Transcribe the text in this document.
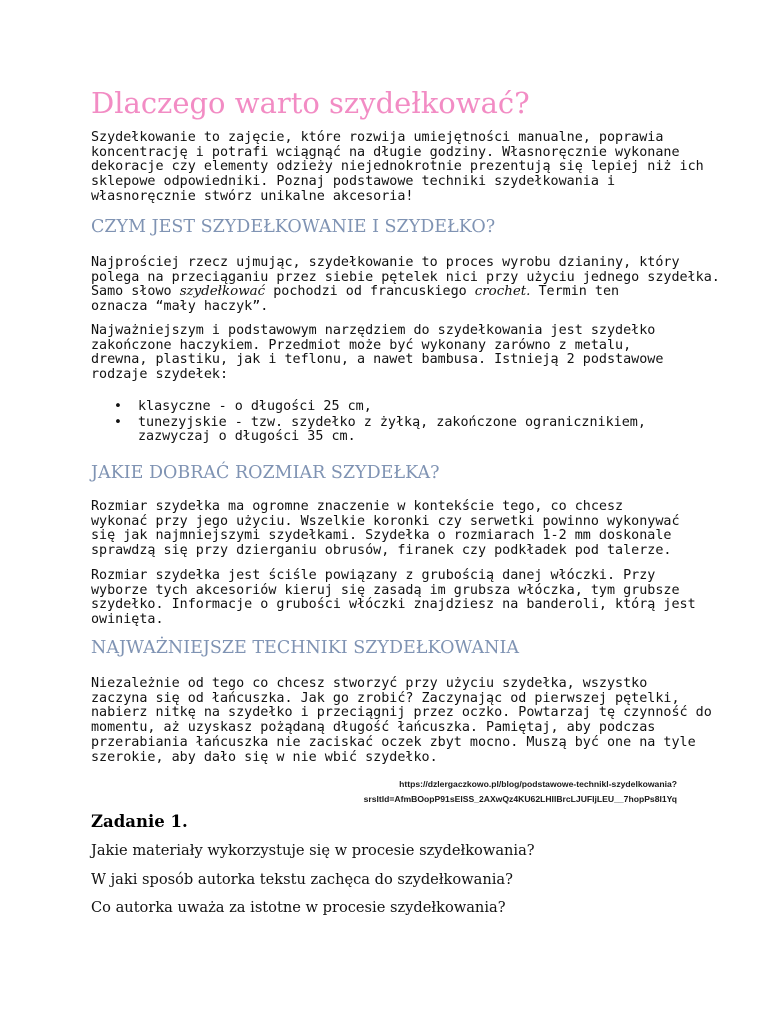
Dlaczego warto szydełkować?

Szydełkowanie to zajęcie, które rozwija umiejętności manualne, poprawia
koncentrację i potrafi wciągnąć na długie godziny. Własnoręcznie wykonane
dekoracje czy elementy odzieży niejednokrotnie prezentują się lepiej niż ich
sklepowe odpowiedniki. Poznaj podstawowe techniki szydełkowania i
własnoręcznie stwórz unikalne akcesoria!

CZYM JEST SZYDEŁKOWANIE I SZYDEŁKO?

Najprościej rzecz ujmując, szydełkowanie to proces wyrobu dzianiny, który
polega na przeciąganiu przez siebie pętelek nici przy użyciu jednego szydełka.
Samo słowo szydełkować pochodzi od francuskiego crochet. Termin ten
oznacza “mały haczyk”.

Najważniejszym i podstawowym narzędziem do szydełkowania jest szydełko
zakończone haczykiem. Przedmiot może być wykonany zarówno z metalu,
drewna, plastiku, jak i teflonu, a nawet bambusa. Istnieją 2 podstawowe
rodzaje szydełek:

• klasyczne - o długości 25 cm,
• tunezyjskie - tzw. szydełko z żyłką, zakończone ogranicznikiem,
zazwyczaj o długości 35 cm.
JAKIE DOBRAĆ ROZMIAR SZYDEŁKA?

Rozmiar szydełka ma ogromne znaczenie w kontekście tego, co chcesz
wykonać przy jego użyciu. Wszelkie koronki czy serwetki powinno wykonywać
się jak najmniejszymi szydełkami. Szydełka o rozmiarach 1-2 mm doskonale
sprawdzą się przy dzierganiu obrusów, firanek czy podkładek pod talerze.

Rozmiar szydełka jest ściśle powiązany z grubością danej włóczki. Przy
wyborze tych akcesoriów kieruj się zasadą im grubsza włóczka, tym grubsze
szydełko. Informacje o grubości włóczki znajdziesz na banderoli, którą jest
owinięta.

NAJWAŻNIEJSZE TECHNIKI SZYDEŁKOWANIA

Niezależnie od tego co chcesz stworzyć przy użyciu szydełka, wszystko
zaczyna się od łańcuszka. Jak go zrobić? Zaczynając od pierwszej pętelki,
nabierz nitkę na szydełko i przeciągnij przez oczko. Powtarzaj tę czynność do
momentu, aż uzyskasz pożądaną długość łańcuszka. Pamiętaj, aby podczas
przerabiania łańcuszka nie zaciskać oczek zbyt mocno. Muszą być one na tyle
szerokie, aby dało się w nie wbić szydełko.

https://dzlergaczkowo.pl/blog/podstawowe-technikl-szydelkowania?
srsltld=AfmBOopP91sElSS_2AXwQz4KU62LHIlBrcLJUFIjLEU__7hopPs8I1Yq
Zadanie 1.

Jakie materiały wykorzystuje się w procesie szydełkowania?

W jaki sposób autorka tekstu zachęca do szydełkowania?

Co autorka uważa za istotne w procesie szydełkowania?
